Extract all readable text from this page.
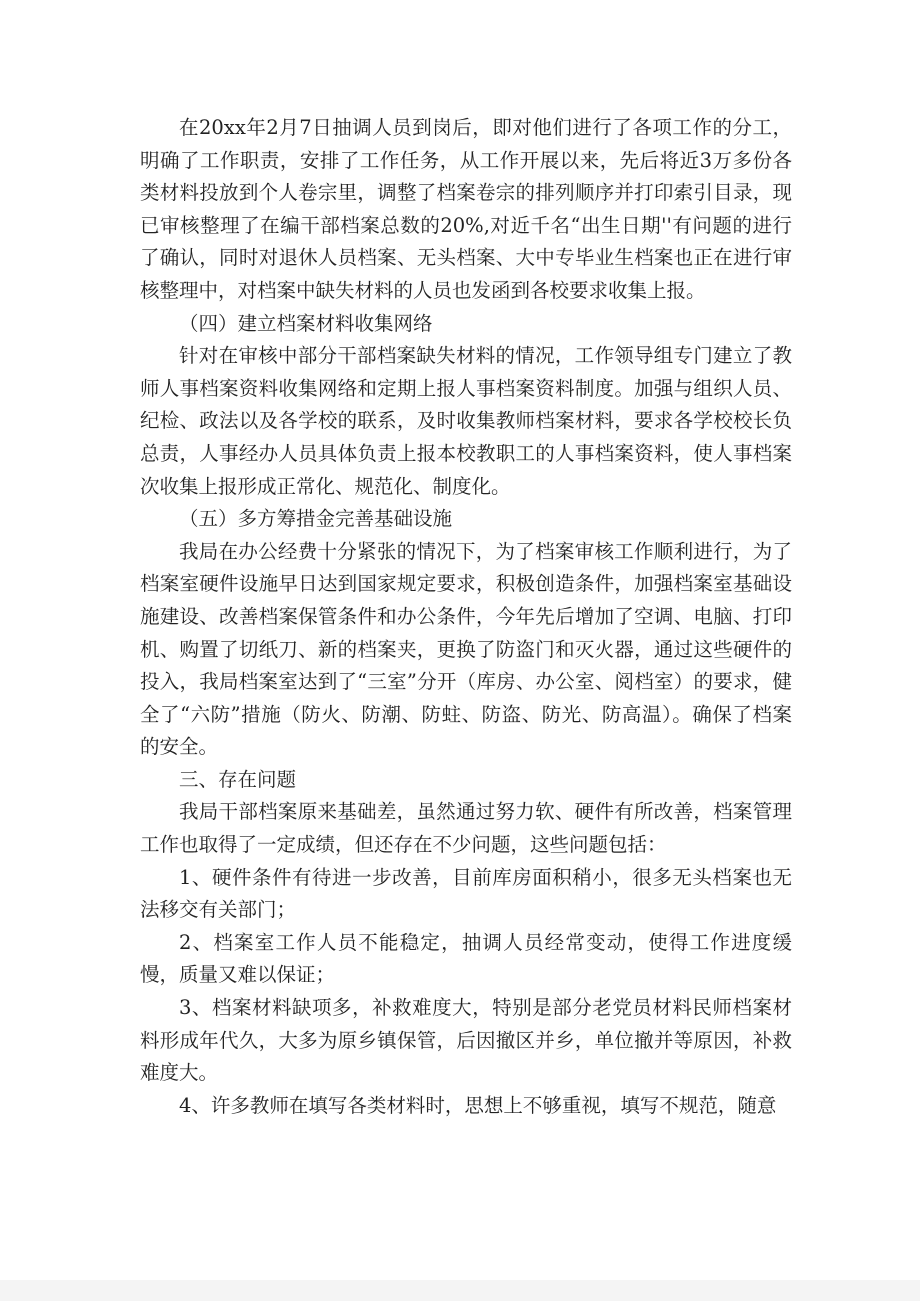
在20xx年2月7日抽调人员到岗后，即对他们进行了各项工作的分工，明确了工作职责，安排了工作任务，从工作开展以来，先后将近3万多份各类材料投放到个人卷宗里，调整了档案卷宗的排列顺序并打印索引目录，现已审核整理了在编干部档案总数的20%,对近千名“出生日期''有问题的进行了确认，同时对退休人员档案、无头档案、大中专毕业生档案也正在进行审核整理中，对档案中缺失材料的人员也发函到各校要求收集上报。

（四）建立档案材料收集网络

针对在审核中部分干部档案缺失材料的情况，工作领导组专门建立了教师人事档案资料收集网络和定期上报人事档案资料制度。加强与组织人员、纪检、政法以及各学校的联系，及时收集教师档案材料，要求各学校校长负总责，人事经办人员具体负责上报本校教职工的人事档案资料，使人事档案次收集上报形成正常化、规范化、制度化。

（五）多方筹措金完善基础设施

我局在办公经费十分紧张的情况下，为了档案审核工作顺利进行，为了档案室硬件设施早日达到国家规定要求，积极创造条件，加强档案室基础设施建设、改善档案保管条件和办公条件，今年先后增加了空调、电脑、打印机、购置了切纸刀、新的档案夹，更换了防盗门和灭火器，通过这些硬件的投入，我局档案室达到了“三室”分开（库房、办公室、阅档室）的要求，健全了“六防”措施（防火、防潮、防蛀、防盗、防光、防高温）。确保了档案的安全。

三、存在问题

我局干部档案原来基础差，虽然通过努力软、硬件有所改善，档案管理工作也取得了一定成绩，但还存在不少问题，这些问题包括：

1、硬件条件有待进一步改善，目前库房面积稍小，很多无头档案也无法移交有关部门；

2、档案室工作人员不能稳定，抽调人员经常变动，使得工作进度缓慢，质量又难以保证；

3、档案材料缺项多，补救难度大，特别是部分老党员材料民师档案材料形成年代久，大多为原乡镇保管，后因撤区并乡，单位撤并等原因，补救难度大。

4、许多教师在填写各类材料时，思想上不够重视，填写不规范，随意
